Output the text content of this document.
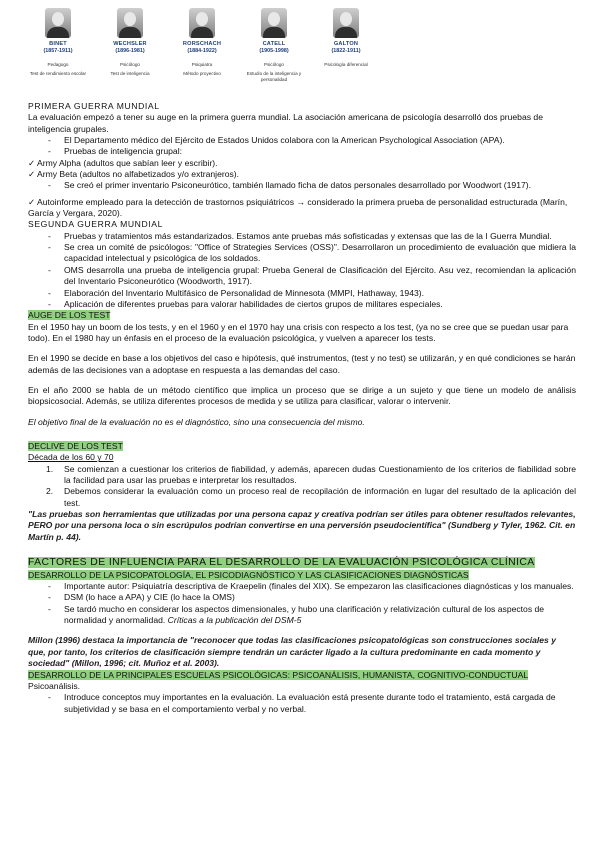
BINET
(1857-1911)
Pedagogo
Test de rendimiento escolar
WECHSLER
(1896-1981)
Psicólogo
Test de inteligencia
RORSCHACH
(1884-1922)
Psiquiatra
Método proyectivo
CATELL
(1905-1998)
Psicólogo
Estudio de la inteligencia y personalidad
GALTON
(1822-1911)
Psicología diferencial

PRIMERA GUERRA MUNDIAL

La evaluación empezó a tener su auge en la primera guerra mundial. La asociación americana de psicología desarrolló dos pruebas de inteligencia grupales.

- El Departamento médico del Ejército de Estados Unidos colabora con la American Psychological Association (APA).
- Pruebas de inteligencia grupal:

✓ Army Alpha (adultos que sabían leer y escribir).

✓ Army Beta (adultos no alfabetizados y/o extranjeros).

- Se creó el primer inventario Psiconeurótico, también llamado ficha de datos personales desarrollado por Woodwort (1917).

✓ Autoinforme empleado para la detección de trastornos psiquiátricos → considerado la primera prueba de personalidad estructurada (Marín, García y Vergara, 2020).

SEGUNDA GUERRA MUNDIAL

- Pruebas y tratamientos más estandarizados. Estamos ante pruebas más sofisticadas y extensas que las de la I Guerra Mundial.
- Se crea un comité de psicólogos: "Office of Strategies Services (OSS)". Desarrollaron un procedimiento de evaluación que midiera la capacidad intelectual y psicológica de los soldados.
- OMS desarrolla una prueba de inteligencia grupal: Prueba General de Clasificación del Ejército. Asu vez, recomiendan la aplicación del Inventario Psiconeurótico (Woodworth, 1917).
- Elaboración del Inventario Multifásico de Personalidad de Minnesota (MMPI, Hathaway, 1943).
- Aplicación de diferentes pruebas para valorar habilidades de ciertos grupos de militares especiales.

AUGE DE LOS TEST

En el 1950 hay un boom de los tests, y en el 1960 y en el 1970 hay una crisis con respecto a los test, (ya no se cree que se puedan usar para todo). En el 1980 hay un énfasis en el proceso de la evaluación psicológica, y vuelven a aparecer los tests.

En el 1990 se decide en base a los objetivos del caso e hipótesis, qué instrumentos, (test y no test) se utilizarán, y en qué condiciones se harán además de las decisiones van a adoptase en respuesta a las demandas del caso.

En el año 2000 se habla de un método científico que implica un proceso que se dirige a un sujeto y que tiene un modelo de análisis biopsicosocial. Además, se utiliza diferentes procesos de medida y se utiliza para clasificar, valorar o intervenir.

El objetivo final de la evaluación no es el diagnóstico, sino una consecuencia del mismo.

DECLIVE DE LOS TEST

Década de los 60 y 70

1. Se comienzan a cuestionar los criterios de fiabilidad, y además, aparecen dudas Cuestionamiento de los criterios de fiabilidad sobre la facilidad para usar las pruebas e interpretar los resultados.
2. Debemos considerar la evaluación como un proceso real de recopilación de información en lugar del resultado de la aplicación del test.

"Las pruebas son herramientas que utilizadas por una persona capaz y creativa podrían ser útiles para obtener resultados relevantes, PERO por una persona loca o sin escrúpulos podrían convertirse en una perversión pseudocientífica" (Sundberg y Tyler, 1962. Cit. en Martín p. 44).

FACTORES DE INFLUENCIA PARA EL DESARROLLO DE LA EVALUACIÓN PSICOLÓGICA CLÍNICA

DESARROLLO DE LA PSICOPATOLOGÍA, EL PSICODIAGNÓSTICO Y LAS CLASIFICACIONES DIAGNÓSTICAS

- Importante autor: Psiquiatría descriptiva de Kraepelin (finales del XIX). Se empezaron las clasificaciones diagnósticas y los manuales.
- DSM (lo hace a APA) y CIE (lo hace la OMS)
- Se tardó mucho en considerar los aspectos dimensionales, y hubo una clarificación y relativización cultural de los aspectos de normalidad y anormalidad. Críticas a la publicación del DSM-5

Millon (1996) destaca la importancia de "reconocer que todas las clasificaciones psicopatológicas son construcciones sociales y que, por tanto, los criterios de clasificación siempre tendrán un carácter ligado a la cultura predominante en cada momento y sociedad" (Millon, 1996; cit. Muñoz et al. 2003).

DESARROLLO DE LA PRINCIPALES ESCUELAS PSICOLÓGICAS: PSICOANÁLISIS, HUMANISTA, COGNITIVO-CONDUCTUAL

Psicoanálisis.

- Introduce conceptos muy importantes en la evaluación. La evaluación está presente durante todo el tratamiento, está cargada de subjetividad y se basa en el comportamiento verbal y no verbal.
